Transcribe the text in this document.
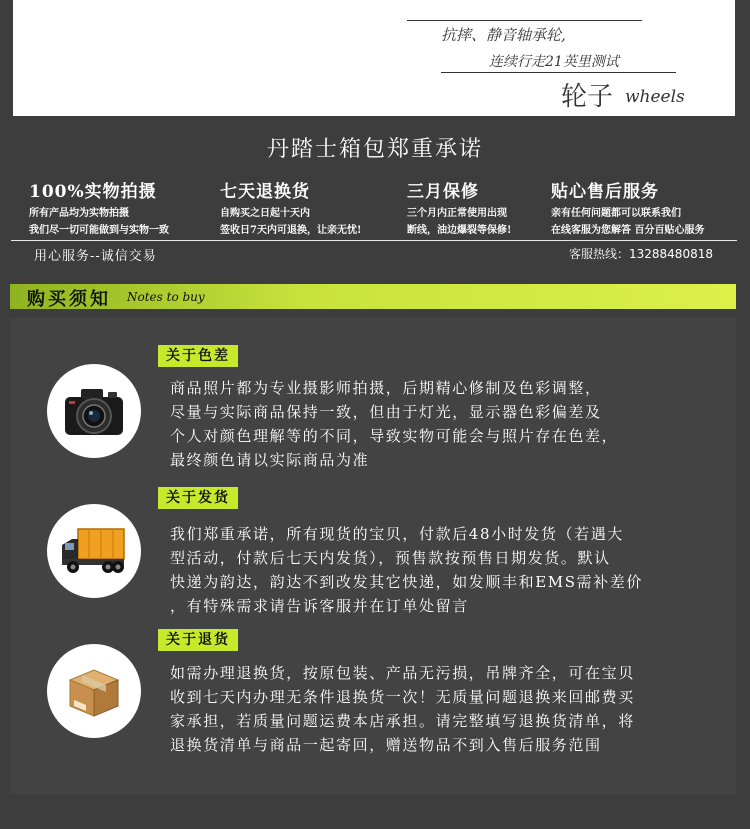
抗摔、静音轴承轮,
连续行走21英里测试
轮子 wheels
丹踏士箱包郑重承诺
100%实物拍摄
所有产品均为实物拍摄
我们尽一切可能做到与实物一致
七天退换货
自购买之日起十天内
签收日7天内可退换，让亲无忧!
三月保修
三个月内正常使用出现
断线，油边爆裂等保修!
贴心售后服务
亲有任何问题都可以联系我们
在线客服为您解答 百分百贴心服务
用心服务--诚信交易	客服热线：13288480818
购买须知 Notes to buy
关于色差
商品照片都为专业摄影师拍摄，后期精心修制及色彩调整，
尽量与实际商品保持一致，但由于灯光，显示器色彩偏差及
个人对颜色理解等的不同，导致实物可能会与照片存在色差，
最终颜色请以实际商品为准
关于发货
我们郑重承诺，所有现货的宝贝，付款后48小时发货（若遇大
型活动，付款后七天内发货），预售款按预售日期发货。默认
快递为韵达，韵达不到改发其它快递，如发顺丰和EMS需补差价
，有特殊需求请告诉客服并在订单处留言
关于退货
如需办理退换货，按原包装、产品无污损，吊牌齐全，可在宝贝
收到七天内办理无条件退换货一次！无质量问题退换来回邮费买
家承担，若质量问题运费本店承担。请完整填写退换货清单，将
退换货清单与商品一起寄回，赠送物品不到入售后服务范围
